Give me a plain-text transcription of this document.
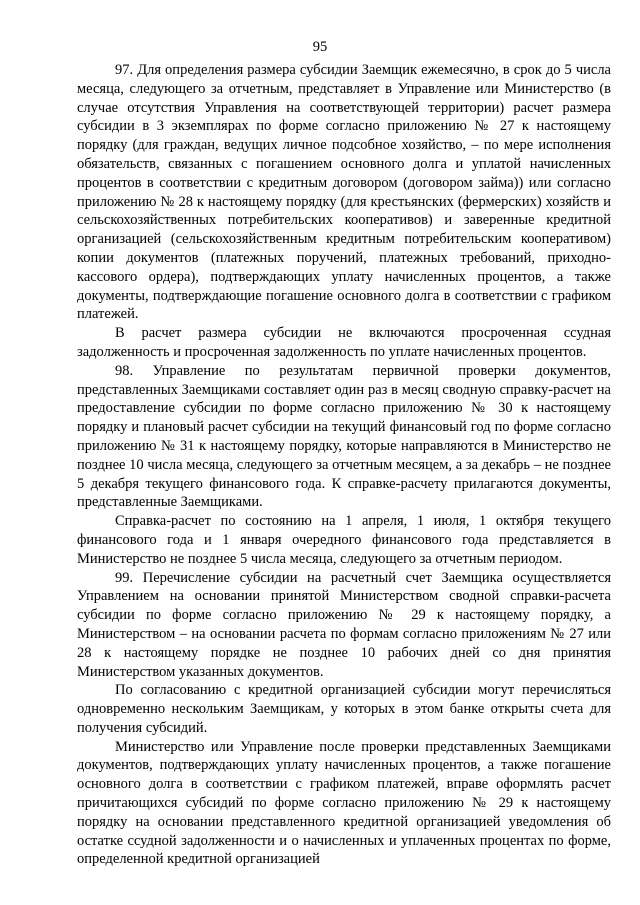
95

97. Для определения размера субсидии Заемщик ежемесячно, в срок до 5 числа месяца, следующего за отчетным, представляет в Управление или Министерство (в случае отсутствия Управления на соответствующей территории) расчет размера субсидии в 3 экземплярах по форме согласно приложению № 27 к настоящему порядку (для граждан, ведущих личное подсобное хозяйство, – по мере исполнения обязательств, связанных с погашением основного долга и уплатой начисленных процентов в соответствии с кредитным договором (договором займа)) или согласно приложению № 28 к настоящему порядку (для крестьянских (фермерских) хозяйств и сельскохозяйственных потребительских кооперативов) и заверенные кредитной организацией (сельскохозяйственным кредитным потребительским кооперативом) копии документов (платежных поручений, платежных требований, приходно-кассового ордера), подтверждающих уплату начисленных процентов, а также документы, подтверждающие погашение основного долга в соответствии с графиком платежей.

В расчет размера субсидии не включаются просроченная ссудная задолженность и просроченная задолженность по уплате начисленных процентов.

98. Управление по результатам первичной проверки документов, представленных Заемщиками составляет один раз в месяц сводную справку-расчет на предоставление субсидии по форме согласно приложению № 30 к настоящему порядку и плановый расчет субсидии на текущий финансовый год по форме согласно приложению № 31 к настоящему порядку, которые направляются в Министерство не позднее 10 числа месяца, следующего за отчетным месяцем, а за декабрь – не позднее 5 декабря текущего финансового года. К справке-расчету прилагаются документы, представленные Заемщиками.

Справка-расчет по состоянию на 1 апреля, 1 июля, 1 октября текущего финансового года и 1 января очередного финансового года представляется в Министерство не позднее 5 числа месяца, следующего за отчетным периодом.

99. Перечисление субсидии на расчетный счет Заемщика осуществляется Управлением на основании принятой Министерством сводной справки-расчета субсидии по форме согласно приложению № 29 к настоящему порядку, а Министерством – на основании расчета по формам согласно приложениям № 27 или 28 к настоящему порядке не позднее 10 рабочих дней со дня принятия Министерством указанных документов.

По согласованию с кредитной организацией субсидии могут перечисляться одновременно нескольким Заемщикам, у которых в этом банке открыты счета для получения субсидий.

Министерство или Управление после проверки представленных Заемщиками документов, подтверждающих уплату начисленных процентов, а также погашение основного долга в соответствии с графиком платежей, вправе оформлять расчет причитающихся субсидий по форме согласно приложению № 29 к настоящему порядку на основании представленного кредитной организацией уведомления об остатке ссудной задолженности и о начисленных и уплаченных процентах по форме, определенной кредитной организацией
